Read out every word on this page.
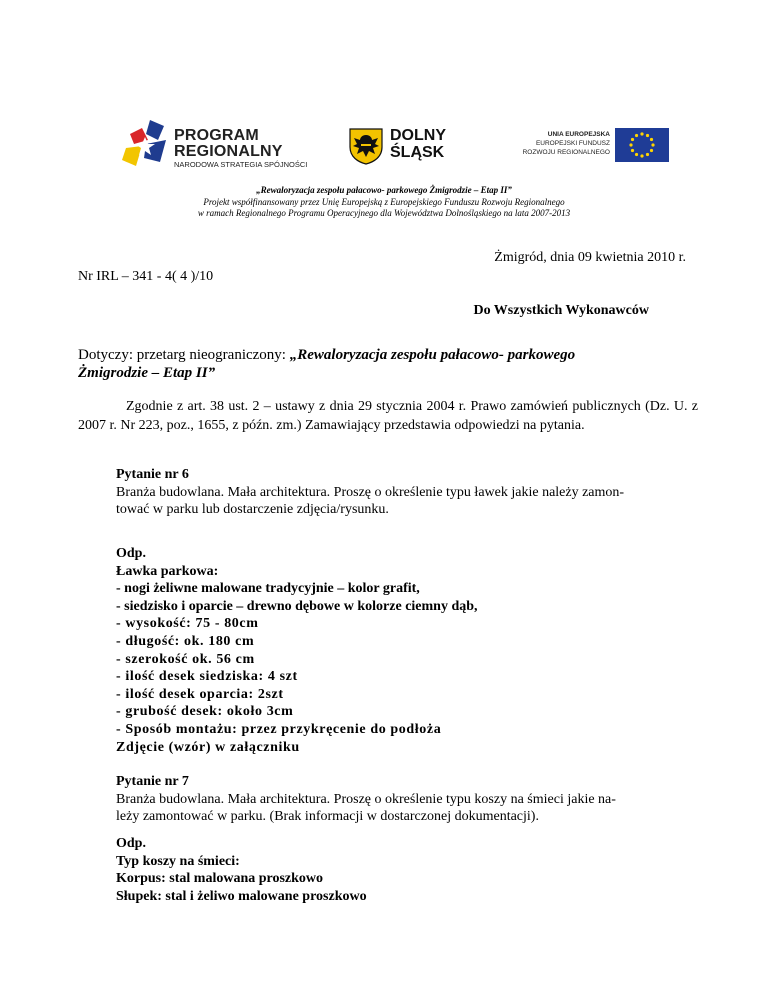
PROGRAM
REGIONALNY
NARODOWA STRATEGIA SPÓJNOŚCI
DOLNY
ŚLĄSK
UNIA EUROPEJSKA
EUROPEJSKI FUNDUSZ
ROZWOJU REGIONALNEGO
„Rewaloryzacja zespołu pałacowo- parkowego Żmigrodzie – Etap II”
Projekt współfinansowany przez Unię Europejską z Europejskiego Funduszu Rozwoju Regionalnego
w ramach Regionalnego Programu Operacyjnego dla Województwa Dolnośląskiego na lata 2007-2013
Żmigród, dnia 09 kwietnia 2010 r.
Nr IRL – 341 - 4( 4 )/10
Do Wszystkich Wykonawców
Dotyczy: przetarg nieograniczony: „Rewaloryzacja zespołu pałacowo- parkowego
Żmigrodzie – Etap II”
Zgodnie z art. 38 ust. 2 – ustawy z dnia 29 stycznia 2004 r. Prawo zamówień publicznych (Dz. U. z 2007 r. Nr 223, poz., 1655, z późn. zm.) Zamawiający przedstawia odpowiedzi na pytania.
Pytanie nr 6
Branża budowlana. Mała architektura. Proszę o określenie typu ławek jakie należy zamon-
tować w parku lub dostarczenie zdjęcia/rysunku.
Odp.
Ławka parkowa:
- nogi żeliwne malowane tradycyjnie – kolor grafit,
- siedzisko i oparcie – drewno dębowe w kolorze ciemny dąb,
- wysokość: 75 - 80cm
- długość: ok. 180 cm
- szerokość ok. 56 cm
- ilość desek siedziska: 4 szt
- ilość desek oparcia: 2szt
- grubość desek: około 3cm
- Sposób montażu: przez przykręcenie do podłoża
Zdjęcie (wzór) w załączniku
Pytanie nr 7
Branża budowlana. Mała architektura. Proszę o określenie typu koszy na śmieci jakie na-
leży zamontować w parku. (Brak informacji w dostarczonej dokumentacji).
Odp.
Typ koszy na śmieci:
Korpus: stal malowana proszkowo
Słupek: stal i żeliwo malowane proszkowo
